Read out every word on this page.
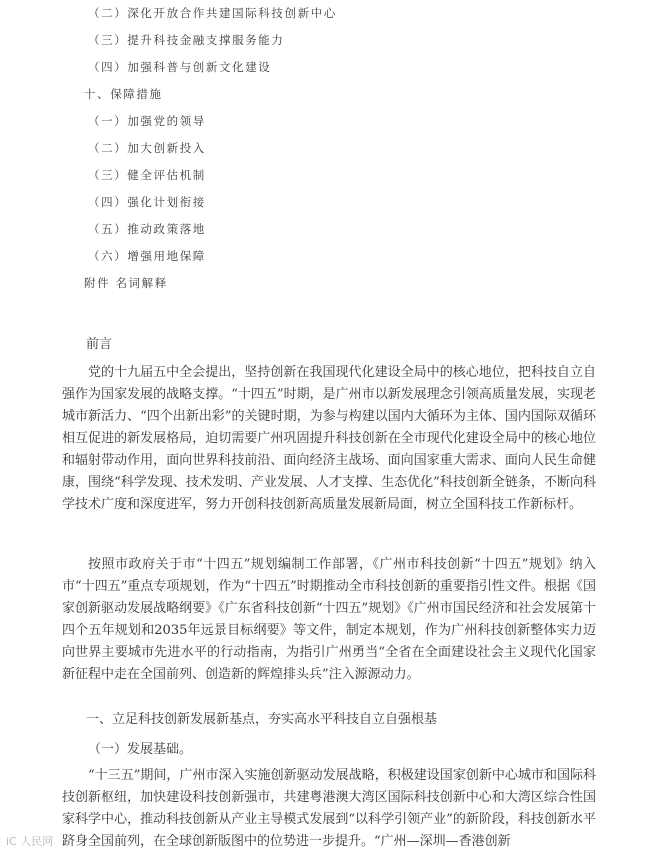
（二）深化开放合作共建国际科技创新中心
（三）提升科技金融支撑服务能力
（四）加强科普与创新文化建设
十、保障措施
（一）加强党的领导
（二）加大创新投入
（三）健全评估机制
（四）强化计划衔接
（五）推动政策落地
（六）增强用地保障
附件 名词解释
前言

党的十九届五中全会提出，坚持创新在我国现代化建设全局中的核心地位，把科技自立自强作为国家发展的战略支撑。“十四五”时期，是广州市以新发展理念引领高质量发展，实现老城市新活力、“四个出新出彩”的关键时期，为参与构建以国内大循环为主体、国内国际双循环相互促进的新发展格局，迫切需要广州巩固提升科技创新在全市现代化建设全局中的核心地位和辐射带动作用，面向世界科技前沿、面向经济主战场、面向国家重大需求、面向人民生命健康，围绕“科学发现、技术发明、产业发展、人才支撑、生态优化”科技创新全链条，不断向科学技术广度和深度进军，努力开创科技创新高质量发展新局面，树立全国科技工作新标杆。

按照市政府关于市“十四五”规划编制工作部署，《广州市科技创新“十四五”规划》纳入市“十四五”重点专项规划，作为“十四五”时期推动全市科技创新的重要指引性文件。根据《国家创新驱动发展战略纲要》《广东省科技创新“十四五”规划》《广州市国民经济和社会发展第十四个五年规划和2035年远景目标纲要》等文件，制定本规划，作为广州科技创新整体实力迈向世界主要城市先进水平的行动指南，为指引广州勇当“全省在全面建设社会主义现代化国家新征程中走在全国前列、创造新的辉煌排头兵”注入源源动力。

一、立足科技创新发展新基点，夯实高水平科技自立自强根基
（一）发展基础。

“十三五”期间，广州市深入实施创新驱动发展战略，积极建设国家创新中心城市和国际科技创新枢纽，加快建设科技创新强市，共建粤港澳大湾区国际科技创新中心和大湾区综合性国家科学中心，推动科技创新从产业主导模式发展到“以科学引领产业”的新阶段，科技创新水平跻身全国前列，在全球创新版图中的位势进一步提升。“广州—深圳—香港创新

iC 人民网
